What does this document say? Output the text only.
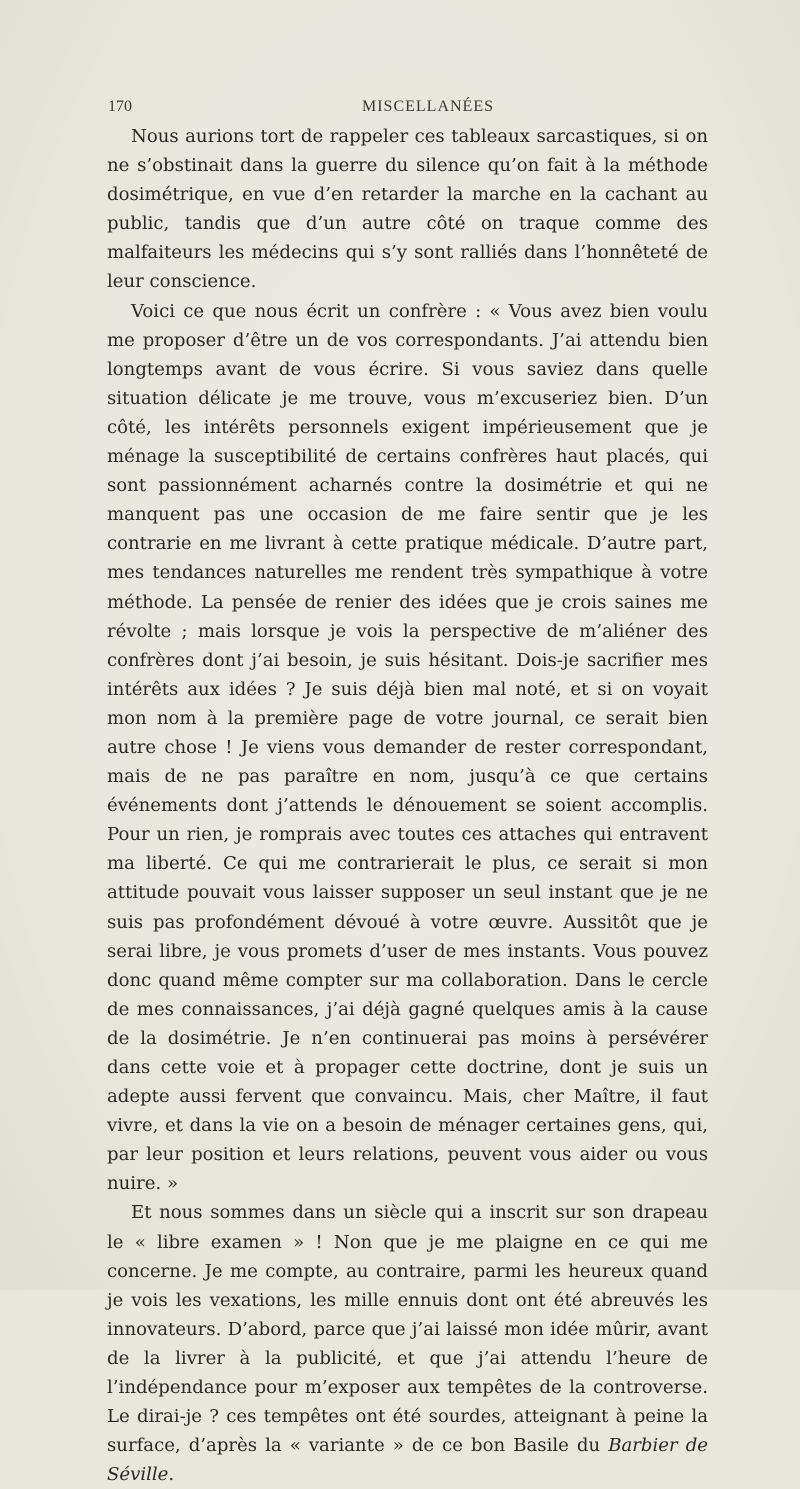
170	MISCELLANÉES

Nous aurions tort de rappeler ces tableaux sarcastiques, si on ne s’obstinait dans la guerre du silence qu’on fait à la méthode dosimétrique, en vue d’en retarder la marche en la cachant au public, tandis que d’un autre côté on traque comme des malfaiteurs les médecins qui s’y sont ralliés dans l’honnêteté de leur conscience.

Voici ce que nous écrit un confrère : « Vous avez bien voulu me proposer d’être un de vos correspondants. J’ai attendu bien longtemps avant de vous écrire. Si vous saviez dans quelle situation délicate je me trouve, vous m’excuseriez bien. D’un côté, les intérêts personnels exigent impérieusement que je ménage la susceptibilité de certains confrères haut placés, qui sont passionnément acharnés contre la dosimétrie et qui ne manquent pas une occasion de me faire sentir que je les contrarie en me livrant à cette pratique médicale. D’autre part, mes tendances naturelles me rendent très sympathique à votre méthode. La pensée de renier des idées que je crois saines me révolte ; mais lorsque je vois la perspective de m’aliéner des confrères dont j’ai besoin, je suis hésitant. Dois-je sacrifier mes intérêts aux idées ? Je suis déjà bien mal noté, et si on voyait mon nom à la première page de votre journal, ce serait bien autre chose ! Je viens vous demander de rester correspondant, mais de ne pas paraître en nom, jusqu’à ce que certains événements dont j’attends le dénouement se soient accomplis. Pour un rien, je romprais avec toutes ces attaches qui entravent ma liberté. Ce qui me contrarierait le plus, ce serait si mon attitude pouvait vous laisser supposer un seul instant que je ne suis pas profondément dévoué à votre œuvre. Aussitôt que je serai libre, je vous promets d’user de mes instants. Vous pouvez donc quand même compter sur ma collaboration. Dans le cercle de mes connaissances, j’ai déjà gagné quelques amis à la cause de la dosimétrie. Je n’en continuerai pas moins à persévérer dans cette voie et à propager cette doctrine, dont je suis un adepte aussi fervent que convaincu. Mais, cher Maître, il faut vivre, et dans la vie on a besoin de ménager certaines gens, qui, par leur position et leurs relations, peuvent vous aider ou vous nuire. »

Et nous sommes dans un siècle qui a inscrit sur son drapeau le « libre examen » ! Non que je me plaigne en ce qui me concerne. Je me compte, au contraire, parmi les heureux quand je vois les vexations, les mille ennuis dont ont été abreuvés les innovateurs. D’abord, parce que j’ai laissé mon idée mûrir, avant de la livrer à la publicité, et que j’ai attendu l’heure de l’indépendance pour m’exposer aux tempêtes de la controverse. Le dirai-je ? ces tempêtes ont été sourdes, atteignant à peine la surface, d’après la « variante » de ce bon Basile du Barbier de Séville.
